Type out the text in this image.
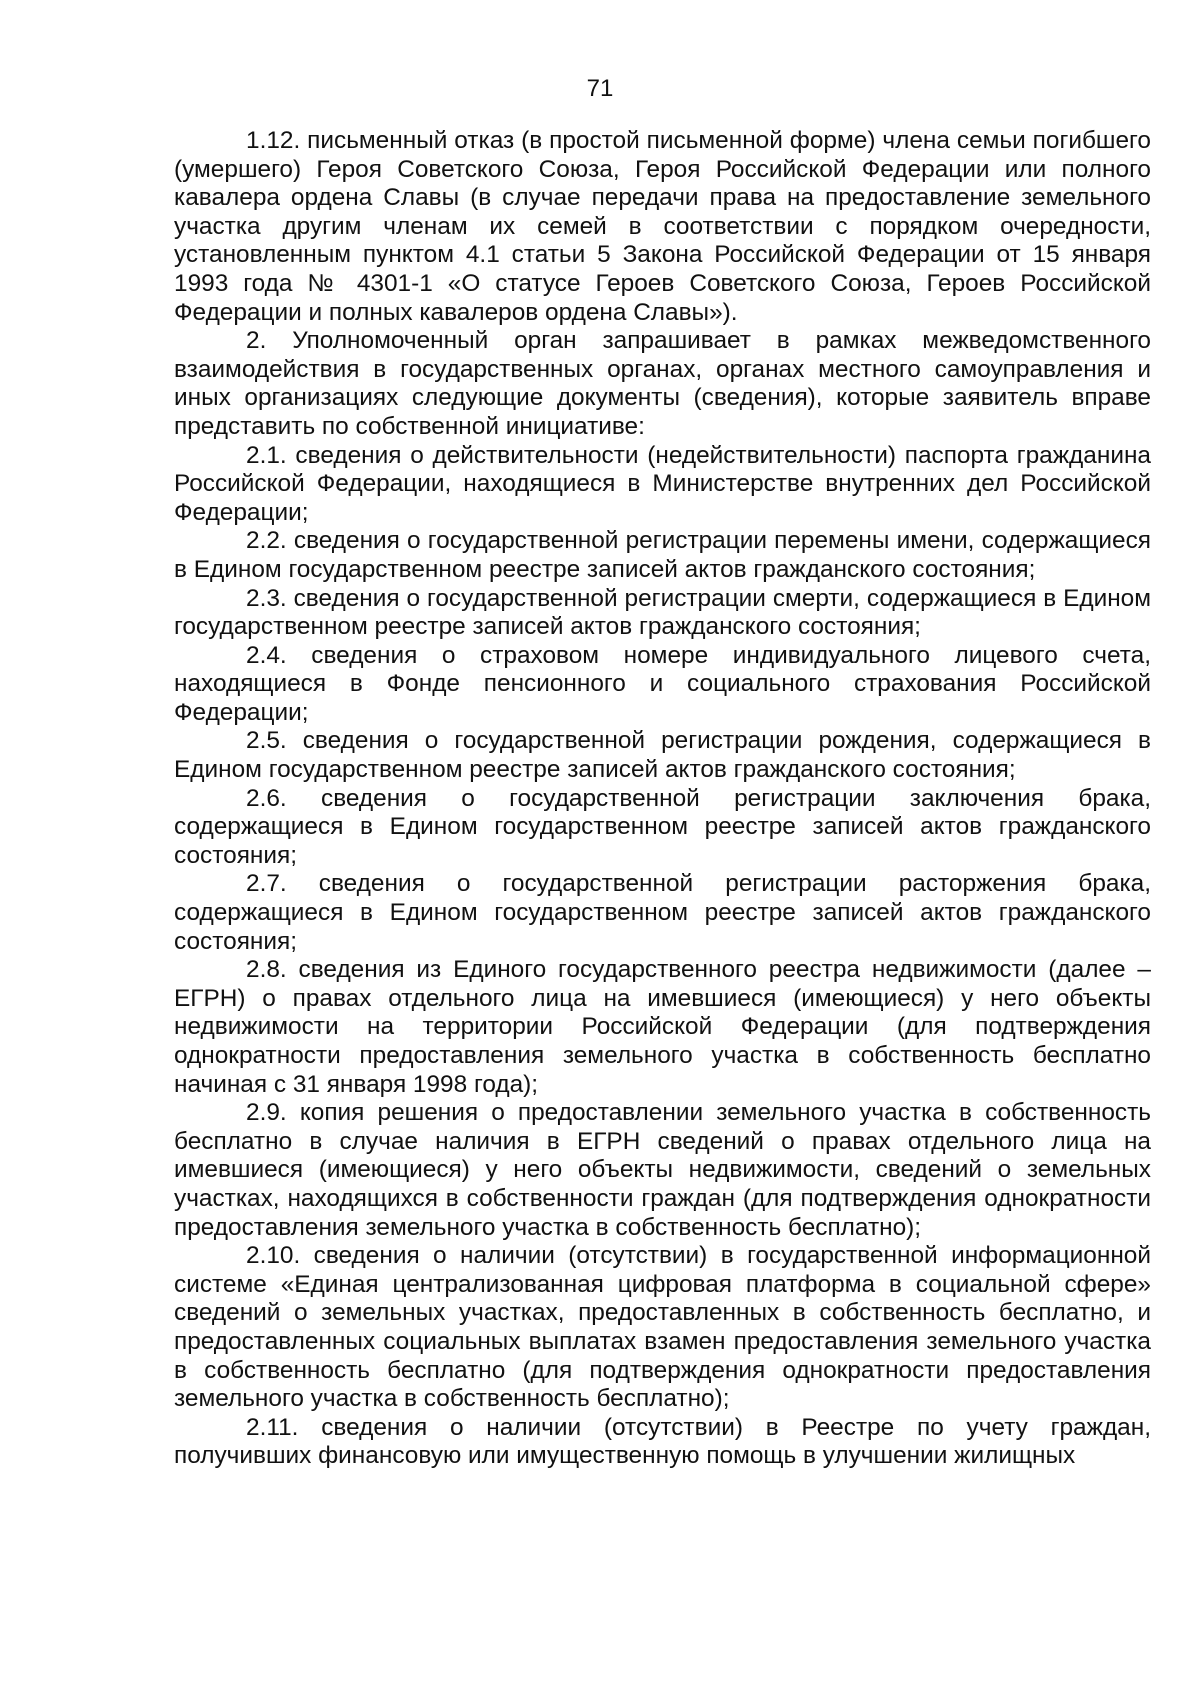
71

1.12. письменный отказ (в простой письменной форме) члена семьи погибшего (умершего) Героя Советского Союза, Героя Российской Федерации или полного кавалера ордена Славы (в случае передачи права на предоставление земельного участка другим членам их семей в соответствии с порядком очередности, установленным пунктом 4.1 статьи 5 Закона Российской Федерации от 15 января 1993 года № 4301-1 «О статусе Героев Советского Союза, Героев Российской Федерации и полных кавалеров ордена Славы»).

2. Уполномоченный орган запрашивает в рамках межведомственного взаимодействия в государственных органах, органах местного самоуправления и иных организациях следующие документы (сведения), которые заявитель вправе представить по собственной инициативе:

2.1. сведения о действительности (недействительности) паспорта гражданина Российской Федерации, находящиеся в Министерстве внутренних дел Российской Федерации;

2.2. сведения о государственной регистрации перемены имени, содержащиеся в Едином государственном реестре записей актов гражданского состояния;

2.3. сведения о государственной регистрации смерти, содержащиеся в Едином государственном реестре записей актов гражданского состояния;

2.4. сведения о страховом номере индивидуального лицевого счета, находящиеся в Фонде пенсионного и социального страхования Российской Федерации;

2.5. сведения о государственной регистрации рождения, содержащиеся в Едином государственном реестре записей актов гражданского состояния;

2.6. сведения о государственной регистрации заключения брака, содержащиеся в Едином государственном реестре записей актов гражданского состояния;

2.7. сведения о государственной регистрации расторжения брака, содержащиеся в Едином государственном реестре записей актов гражданского состояния;

2.8. сведения из Единого государственного реестра недвижимости (далее – ЕГРН) о правах отдельного лица на имевшиеся (имеющиеся) у него объекты недвижимости на территории Российской Федерации (для подтверждения однократности предоставления земельного участка в собственность бесплатно начиная с 31 января 1998 года);

2.9. копия решения о предоставлении земельного участка в собственность бесплатно в случае наличия в ЕГРН сведений о правах отдельного лица на имевшиеся (имеющиеся) у него объекты недвижимости, сведений о земельных участках, находящихся в собственности граждан (для подтверждения однократности предоставления земельного участка в собственность бесплатно);

2.10. сведения о наличии (отсутствии) в государственной информационной системе «Единая централизованная цифровая платформа в социальной сфере» сведений о земельных участках, предоставленных в собственность бесплатно, и предоставленных социальных выплатах взамен предоставления земельного участка в собственность бесплатно (для подтверждения однократности предоставления земельного участка в собственность бесплатно);

2.11. сведения о наличии (отсутствии) в Реестре по учету граждан, получивших финансовую или имущественную помощь в улучшении жилищных
